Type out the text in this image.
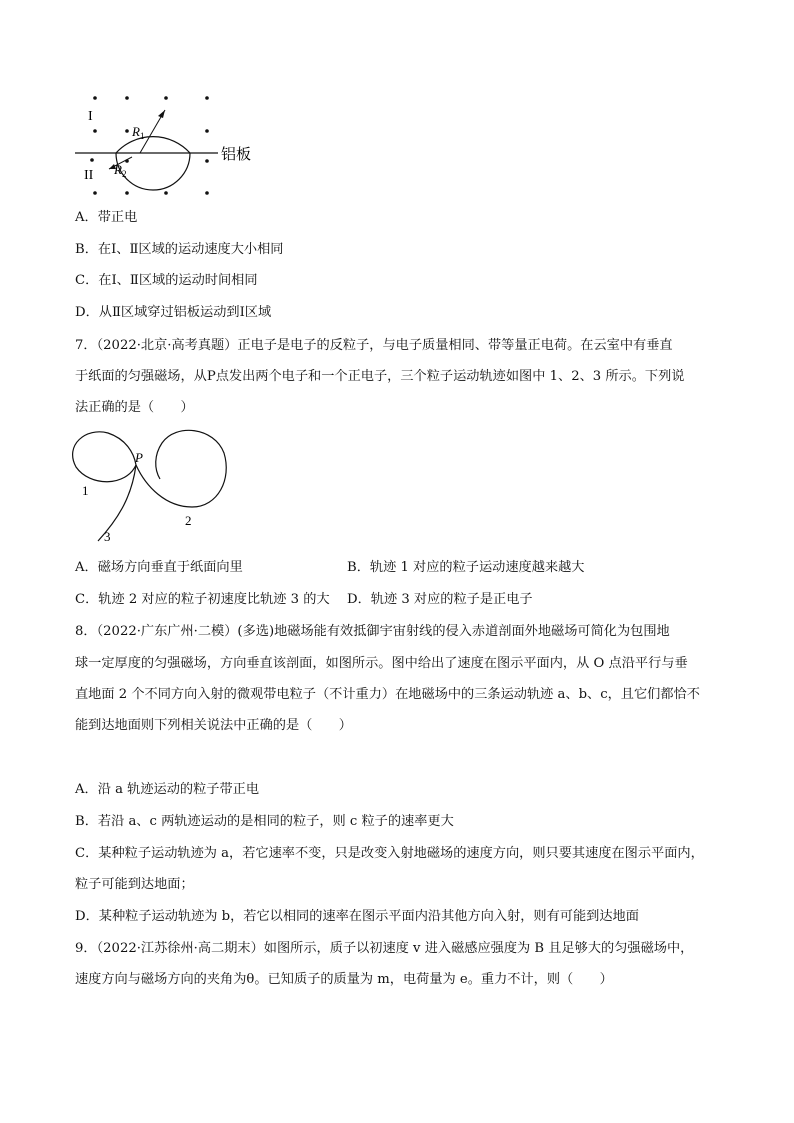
I
II
$R_1$
$R_2$
铝板
A．带正电
B．在Ⅰ、Ⅱ区域的运动速度大小相同
C．在Ⅰ、Ⅱ区域的运动时间相同
D．从Ⅱ区域穿过铝板运动到Ⅰ区域
7．（2022·北京·高考真题）正电子是电子的反粒子，与电子质量相同、带等量正电荷。在云室中有垂直
于纸面的匀强磁场，从P点发出两个电子和一个正电子，三个粒子运动轨迹如图中 1、2、3 所示。下列说
法正确的是（　　）
P
1
2
3
A．磁场方向垂直于纸面向里	B．轨迹 1 对应的粒子运动速度越来越大
C．轨迹 2 对应的粒子初速度比轨迹 3 的大 D．轨迹 3 对应的粒子是正电子
8．（2022·广东广州·二模）(多选)地磁场能有效抵御宇宙射线的侵入赤道剖面外地磁场可简化为包围地
球一定厚度的匀强磁场，方向垂直该剖面，如图所示。图中给出了速度在图示平面内，从 O 点沿平行与垂
直地面 2 个不同方向入射的微观带电粒子（不计重力）在地磁场中的三条运动轨迹 a、b、c，且它们都恰不
能到达地面则下列相关说法中正确的是（　　）
A．沿 a 轨迹运动的粒子带正电
B．若沿 a、c 两轨迹运动的是相同的粒子，则 c 粒子的速率更大
C．某种粒子运动轨迹为 a，若它速率不变，只是改变入射地磁场的速度方向，则只要其速度在图示平面内，
粒子可能到达地面；
D．某种粒子运动轨迹为 b，若它以相同的速率在图示平面内沿其他方向入射，则有可能到达地面
9．（2022·江苏徐州·高二期末）如图所示，质子以初速度 v 进入磁感应强度为 B 且足够大的匀强磁场中，
速度方向与磁场方向的夹角为θ。已知质子的质量为 m，电荷量为 e。重力不计，则（　　）
